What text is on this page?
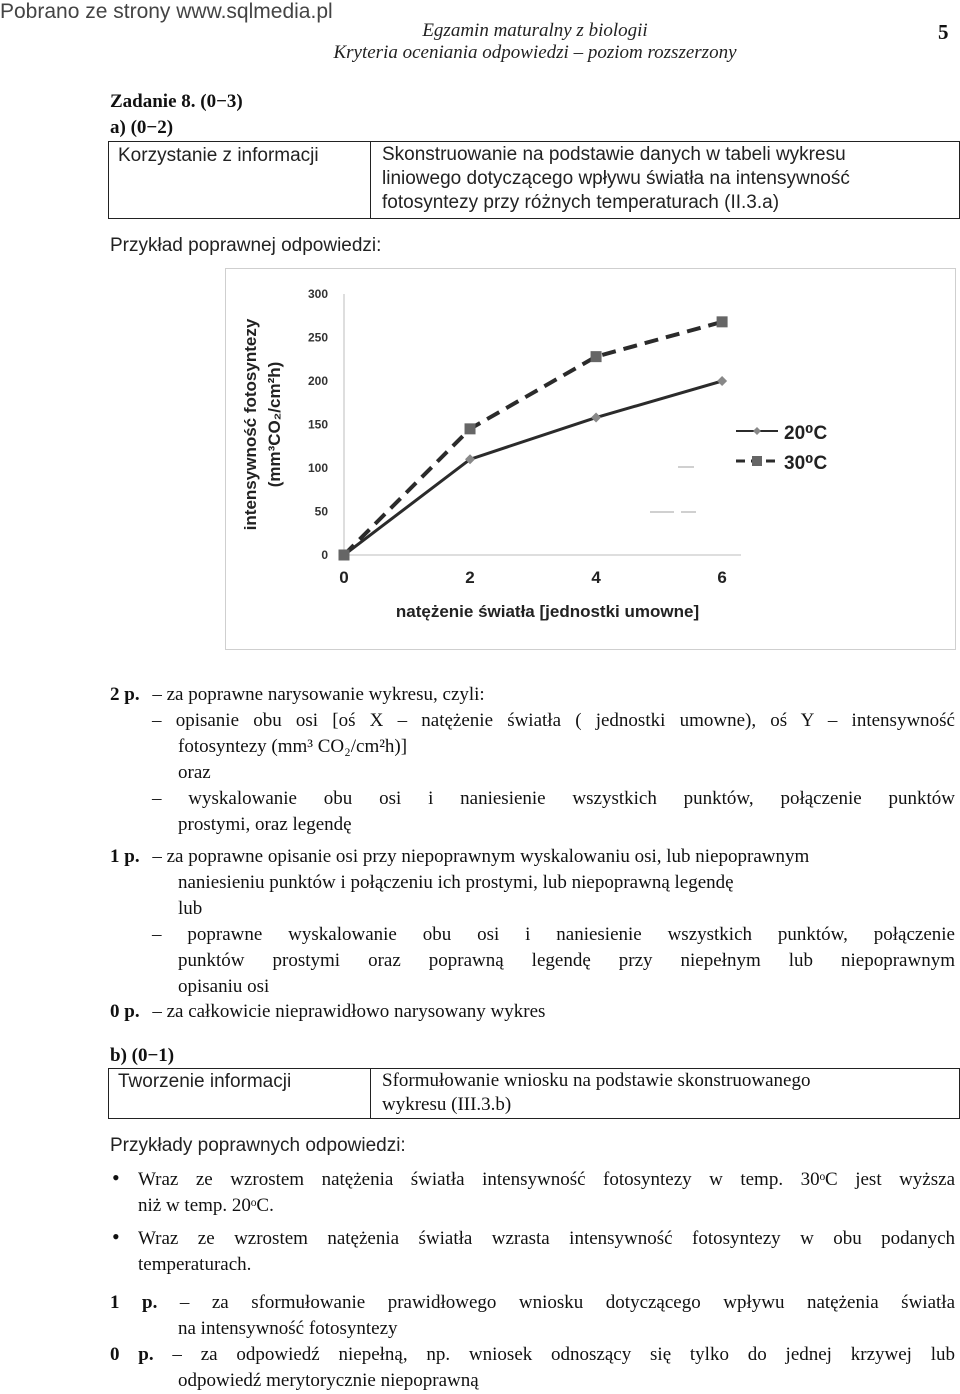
Pobrano ze strony www.sqlmedia.pl
Egzamin maturalny z biologii
Kryteria oceniania odpowiedzi – poziom rozszerzony
5
Zadanie 8. (0−3)
a) (0−2)
Korzystanie z informacji	Skonstruowanie na podstawie danych w tabeli wykresu
liniowego dotyczącego wpływu światła na intensywność
fotosyntezy przy różnych temperaturach (II.3.a)
Przykład poprawnej odpowiedzi:
0
50
100
150
200
250
300
0	2	4	6
natężenie światła [jednostki umowne]
intensywność fotosyntezy (mm³CO₂/cm²h)	20⁰C
30⁰C
2 p. – za poprawne narysowanie wykresu, czyli:
– opisanie obu osi [oś X – natężenie światła ( jednostki umowne), oś Y – intensywność
fotosyntezy (mm³ CO₂/cm²h)]
oraz
– wyskalowanie obu osi i naniesienie wszystkich punktów, połączenie punktów
prostymi, oraz legendę
1 p. – za poprawne opisanie osi przy niepoprawnym wyskalowaniu osi, lub niepoprawnym
naniesieniu punktów i połączeniu ich prostymi, lub niepoprawną legendę
lub
– poprawne wyskalowanie obu osi i naniesienie wszystkich punktów, połączenie
punktów prostymi oraz poprawną legendę przy niepełnym lub niepoprawnym
opisaniu osi
0 p. – za całkowicie nieprawidłowo narysowany wykres
b) (0−1)
Tworzenie informacji	Sformułowanie wniosku na podstawie skonstruowanego
wykresu (III.3.b)
Przykłady poprawnych odpowiedzi:
• Wraz ze wzrostem natężenia światła intensywność fotosyntezy w temp. 30ᵒC jest wyższa
niż w temp. 20ᵒC.
• Wraz ze wzrostem natężenia światła wzrasta intensywność fotosyntezy w obu podanych
temperaturach.
1 p. – za sformułowanie prawidłowego wniosku dotyczącego wpływu natężenia światła
na intensywność fotosyntezy
0 p. – za odpowiedź niepełną, np. wniosek odnoszący się tylko do jednej krzywej lub
odpowiedź merytorycznie niepoprawną
